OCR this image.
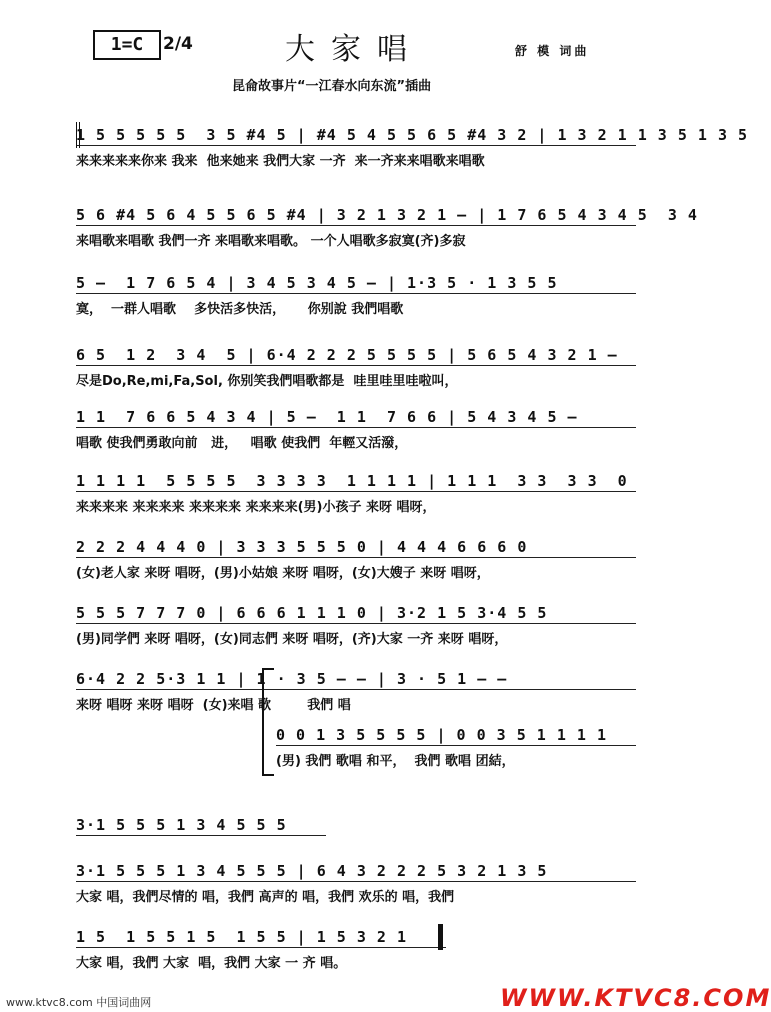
1=C	2/4	大家唱	舒 模 词曲
昆侖故事片“一江春水向东流”插曲
1 5 5 5 5 5  3 5 #4 5 | #4 5 4 5 5 6 5 #4 3 2 | 1 3 2 1 1 3 5 1 3 5
来来来来来你来 我来  他来她来 我們大家 一齐  来一齐来来唱歌来唱歌
5 6 #4 5 6 4 5 5 6 5 #4 | 3 2 1 3 2 1 — | 1 7 6 5 4 3 4 5  3 4
来唱歌来唱歌 我們一齐 来唱歌来唱歌。 一个人唱歌多寂寞(齐)多寂
5 —  1 7 6 5 4 | 3 4 5 3 4 5 — | 1·3 5 · 1 3 5 5
寞，  一群人唱歌    多快活多快活，     你别說 我們唱歌
6 5  1 2  3 4  5 | 6·4 2 2 2 5 5 5 5 | 5 6 5 4 3 2 1 —
尽是Do,Re,mi,Fa,Sol, 你别笑我們唱歌都是  哇里哇里哇啦叫，
1 1  7 6 6 5 4 3 4 | 5 —  1 1  7 6 6 | 5 4 3 4 5 —
唱歌 使我們勇敢向前   进，   唱歌 使我們  年輕又活潑，
1 1 1 1  5 5 5 5  3 3 3 3  1 1 1 1 | 1 1 1  3 3  3 3  0
来来来来 来来来来 来来来来 来来来来(男)小孩子 来呀 唱呀，
2 2 2 4 4 4 0 | 3 3 3 5 5 5 0 | 4 4 4 6 6 6 0
(女)老人家 来呀 唱呀，(男)小姑娘 来呀 唱呀，(女)大嫂子 来呀 唱呀，
5 5 5 7 7 7 0 | 6 6 6 1 1 1 0 | 3·2 1 5 3·4 5 5
(男)同学們 来呀 唱呀，(女)同志們 来呀 唱呀，(齐)大家 一齐 来呀 唱呀，
6·4 2 2 5·3 1 1 | 1 · 3 5 — — | 3 · 5 1 — —
来呀 唱呀 来呀 唱呀  (女)来唱 歌        我們 唱
0 0 1 3 5 5 5 5 | 0 0 3 5 1 1 1 1
(男) 我們 歌唱 和平，  我們 歌唱 团結，
3·1 5 5 5 1 3 4 5 5 5
3·1 5 5 5 1 3 4 5 5 5 | 6 4 3 2 2 2 5 3 2 1 3 5
大家 唱，我們尽情的 唱，我們 高声的 唱，我們 欢乐的 唱，我們
1 5  1 5 5 1 5  1 5 5 | 1 5 3 2 1
大家 唱，我們 大家  唱，我們 大家 一 齐 唱。
www.ktvc8.com 中国词曲网	WWW.KTVC8.COM
